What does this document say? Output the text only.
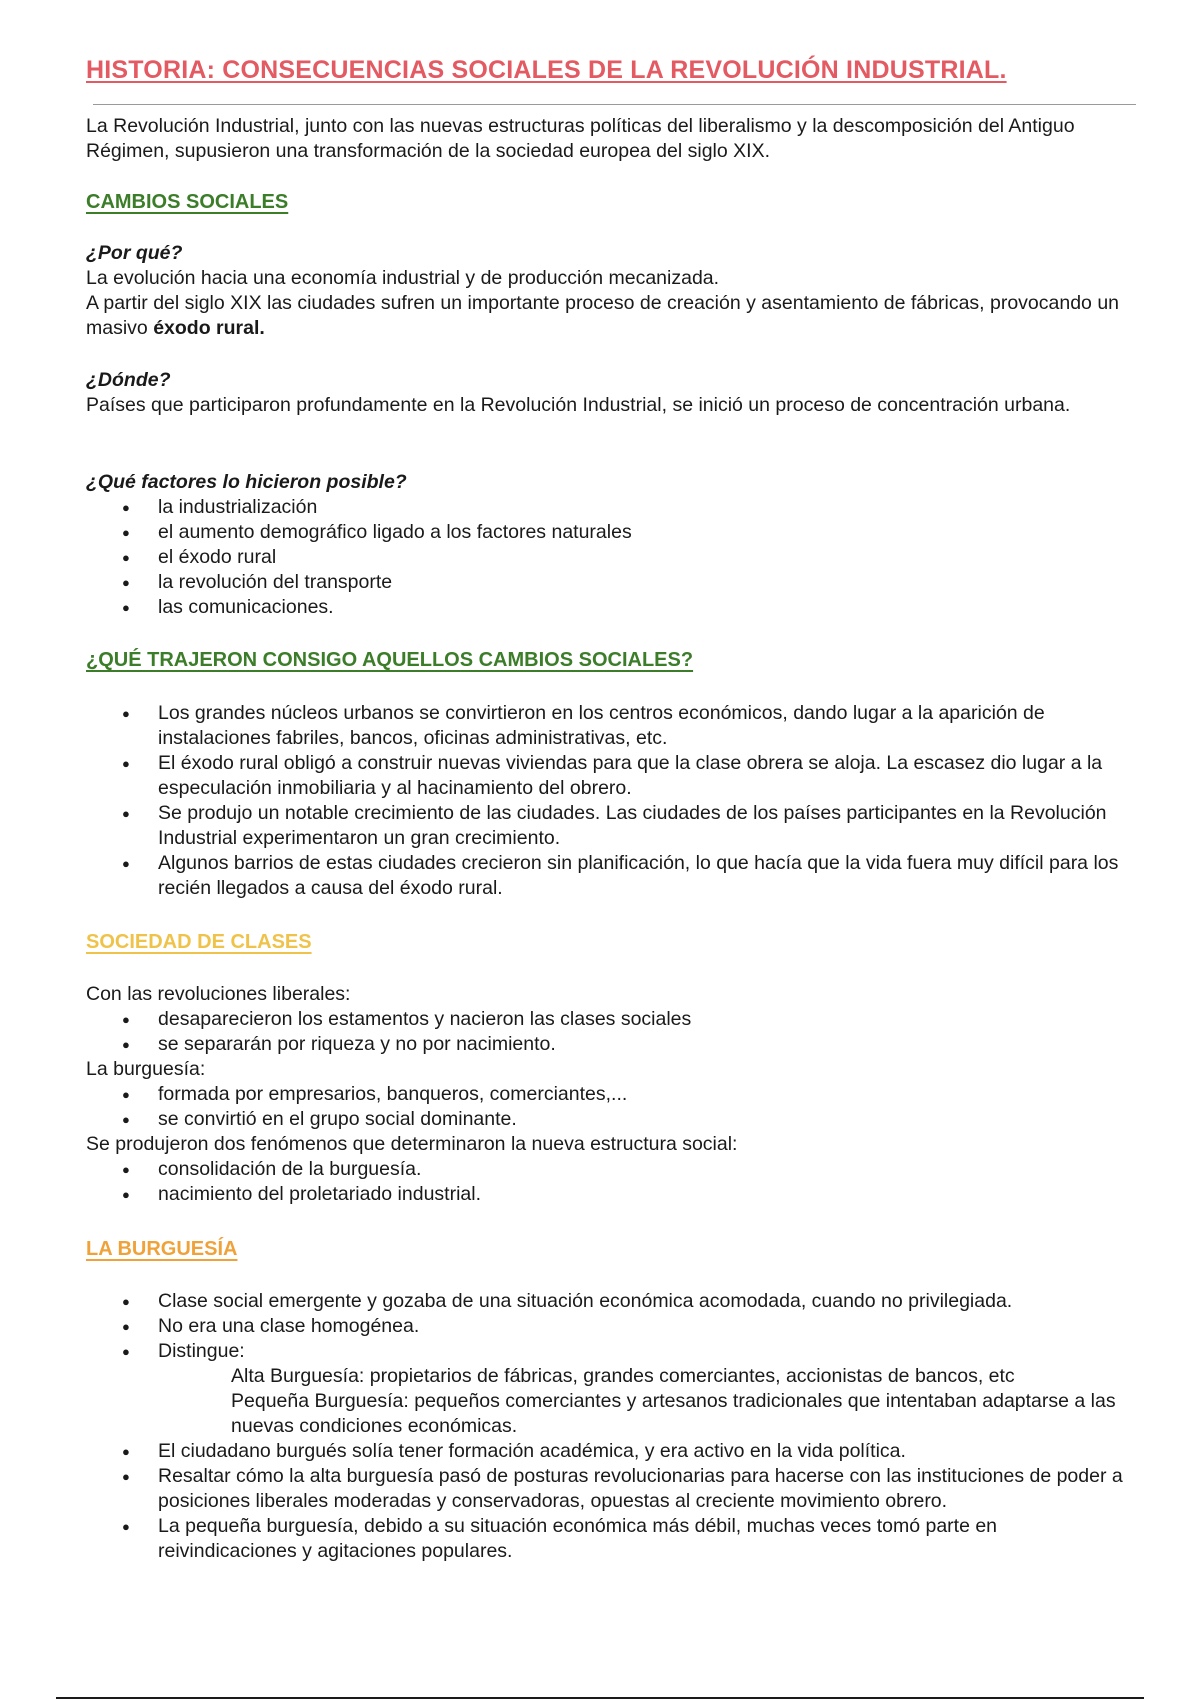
HISTORIA: CONSECUENCIAS SOCIALES DE LA REVOLUCIÓN INDUSTRIAL.

La Revolución Industrial, junto con las nuevas estructuras políticas del liberalismo y la descomposición del Antiguo Régimen, supusieron una transformación de la sociedad europea del siglo XIX.

CAMBIOS SOCIALES
¿Por qué?
La evolución hacia una economía industrial y de producción mecanizada.
A partir del siglo XIX las ciudades sufren un importante proceso de creación y asentamiento de fábricas, provocando un masivo éxodo rural.
¿Dónde?
Países que participaron profundamente en la Revolución Industrial, se inició un proceso de concentración urbana.
¿Qué factores lo hicieron posible?
● la industrialización
● el aumento demográfico ligado a los factores naturales
● el éxodo rural
● la revolución del transporte
● las comunicaciones.
¿QUÉ TRAJERON CONSIGO AQUELLOS CAMBIOS SOCIALES?
● Los grandes núcleos urbanos se convirtieron en los centros económicos, dando lugar a la aparición de instalaciones fabriles, bancos, oficinas administrativas, etc.
● El éxodo rural obligó a construir nuevas viviendas para que la clase obrera se aloja. La escasez dio lugar a la especulación inmobiliaria y al hacinamiento del obrero.
● Se produjo un notable crecimiento de las ciudades. Las ciudades de los países participantes en la Revolución Industrial experimentaron un gran crecimiento.
● Algunos barrios de estas ciudades crecieron sin planificación, lo que hacía que la vida fuera muy difícil para los recién llegados a causa del éxodo rural.
SOCIEDAD DE CLASES
Con las revoluciones liberales:
● desaparecieron los estamentos y nacieron las clases sociales
● se separarán por riqueza y no por nacimiento.
La burguesía:
● formada por empresarios, banqueros, comerciantes,...
● se convirtió en el grupo social dominante.
Se produjeron dos fenómenos que determinaron la nueva estructura social:
● consolidación de la burguesía.
● nacimiento del proletariado industrial.
LA BURGUESÍA
● Clase social emergente y gozaba de una situación económica acomodada, cuando no privilegiada.
● No era una clase homogénea.
● Distingue:
Alta Burguesía: propietarios de fábricas, grandes comerciantes, accionistas de bancos, etc
Pequeña Burguesía: pequeños comerciantes y artesanos tradicionales que intentaban adaptarse a las nuevas condiciones económicas.
● El ciudadano burgués solía tener formación académica, y era activo en la vida política.
● Resaltar cómo la alta burguesía pasó de posturas revolucionarias para hacerse con las instituciones de poder a posiciones liberales moderadas y conservadoras, opuestas al creciente movimiento obrero.
● La pequeña burguesía, debido a su situación económica más débil, muchas veces tomó parte en reivindicaciones y agitaciones populares.
